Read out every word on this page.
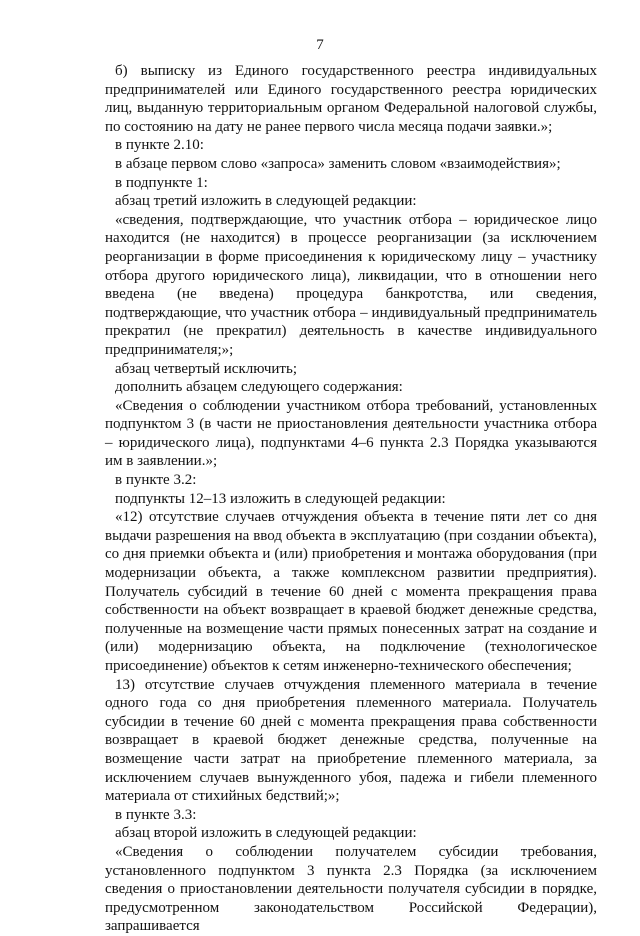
7

б) выписку из Единого государственного реестра индивидуальных предпринимателей или Единого государственного реестра юридических лиц, выданную территориальным органом Федеральной налоговой службы, по состоянию на дату не ранее первого числа месяца подачи заявки.»;

в пункте 2.10:

в абзаце первом слово «запроса» заменить словом «взаимодействия»;

в подпункте 1:

абзац третий изложить в следующей редакции:

«сведения, подтверждающие, что участник отбора – юридическое лицо находится (не находится) в процессе реорганизации (за исключением реорганизации в форме присоединения к юридическому лицу – участнику отбора другого юридического лица), ликвидации, что в отношении него введена (не введена) процедура банкротства, или сведения, подтверждающие, что участник отбора – индивидуальный предприниматель прекратил (не прекратил) деятельность в качестве индивидуального предпринимателя;»;

абзац четвертый исключить;

дополнить абзацем следующего содержания:

«Сведения о соблюдении участником отбора требований, установленных подпунктом 3 (в части не приостановления деятельности участника отбора – юридического лица), подпунктами 4–6 пункта 2.3 Порядка указываются им в заявлении.»;

в пункте 3.2:

подпункты 12–13 изложить в следующей редакции:

«12) отсутствие случаев отчуждения объекта в течение пяти лет со дня выдачи разрешения на ввод объекта в эксплуатацию (при создании объекта), со дня приемки объекта и (или) приобретения и монтажа оборудования (при модернизации объекта, а также комплексном развитии предприятия). Получатель субсидий в течение 60 дней с момента прекращения права собственности на объект возвращает в краевой бюджет денежные средства, полученные на возмещение части прямых понесенных затрат на создание и (или) модернизацию объекта, на подключение (технологическое присоединение) объектов к сетям инженерно-технического обеспечения;

13) отсутствие случаев отчуждения племенного материала в течение одного года со дня приобретения племенного материала. Получатель субсидии в течение 60 дней с момента прекращения права собственности возвращает в краевой бюджет денежные средства, полученные на возмещение части затрат на приобретение племенного материала, за исключением случаев вынужденного убоя, падежа и гибели племенного материала от стихийных бедствий;»;

в пункте 3.3:

абзац второй изложить в следующей редакции:

«Сведения о соблюдении получателем субсидии требования, установленного подпунктом 3 пункта 2.3 Порядка (за исключением сведения о приостановлении деятельности получателя субсидии в порядке, предусмотренном законодательством Российской Федерации), запрашивается
